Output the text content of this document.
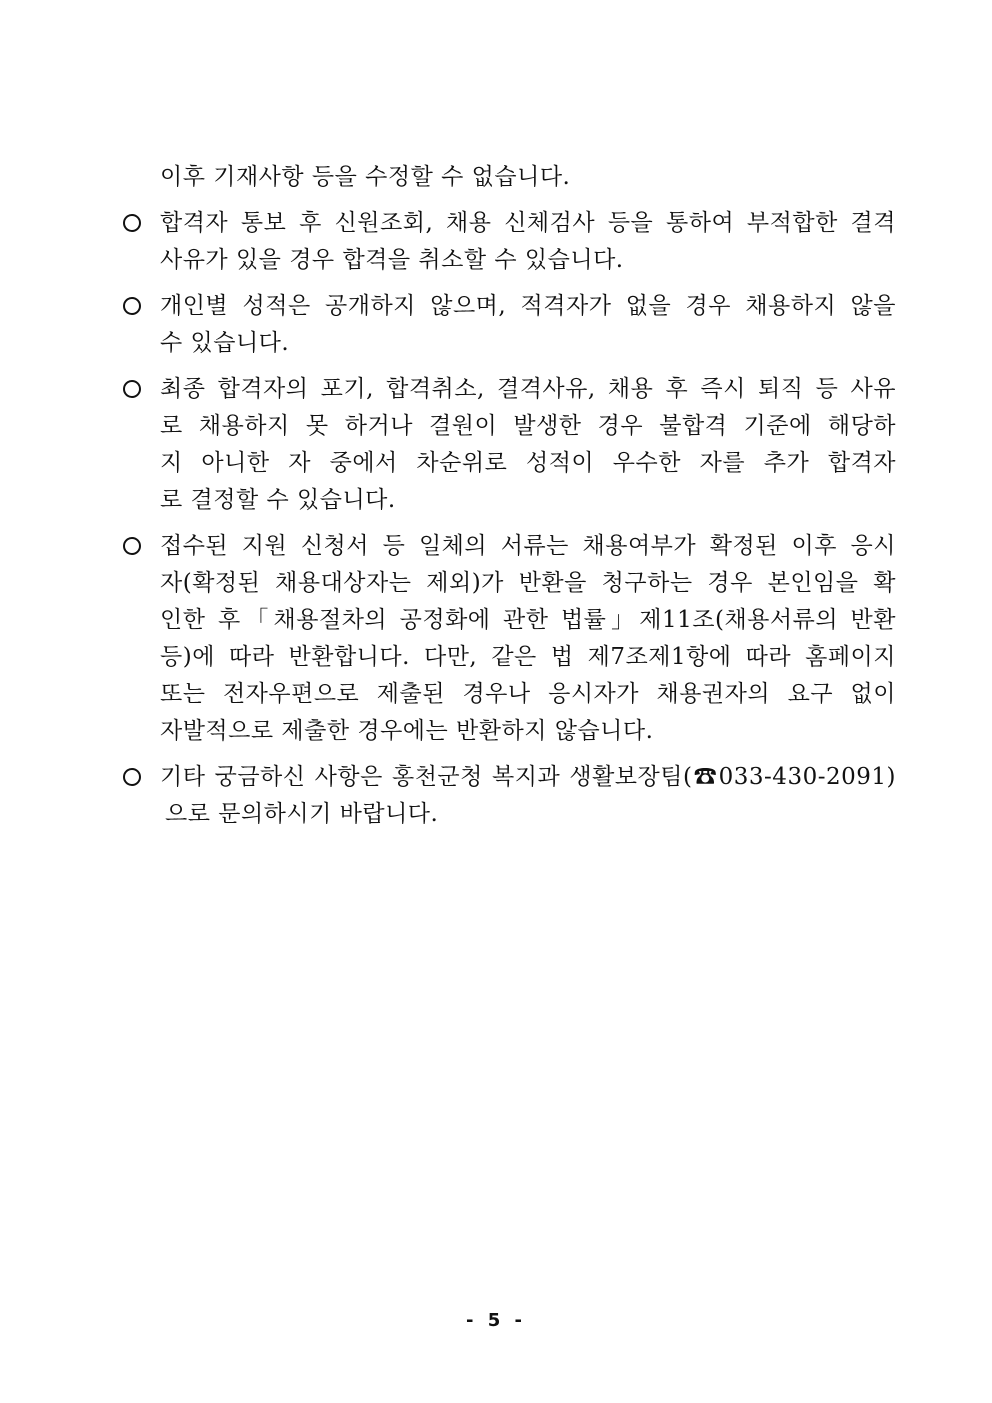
이후 기재사항 등을 수정할 수 없습니다.
합격자 통보 후 신원조회, 채용 신체검사 등을 통하여 부적합한 결격
사유가 있을 경우 합격을 취소할 수 있습니다.
개인별 성적은 공개하지 않으며, 적격자가 없을 경우 채용하지 않을
수 있습니다.
최종 합격자의 포기, 합격취소, 결격사유, 채용 후 즉시 퇴직 등 사유
로 채용하지 못 하거나 결원이 발생한 경우 불합격 기준에 해당하
지 아니한 자 중에서 차순위로 성적이 우수한 자를 추가 합격자
로 결정할 수 있습니다.
접수된 지원 신청서 등 일체의 서류는 채용여부가 확정된 이후 응시
자(확정된 채용대상자는 제외)가 반환을 청구하는 경우 본인임을 확
인한 후「채용절차의 공정화에 관한 법률」제11조(채용서류의 반환
등)에 따라 반환합니다. 다만, 같은 법 제7조제1항에 따라 홈페이지
또는 전자우편으로 제출된 경우나 응시자가 채용권자의 요구 없이
자발적으로 제출한 경우에는 반환하지 않습니다.
기타 궁금하신 사항은 홍천군청 복지과 생활보장팀(☎033-430-2091)
으로 문의하시기 바랍니다.
- 5 -
